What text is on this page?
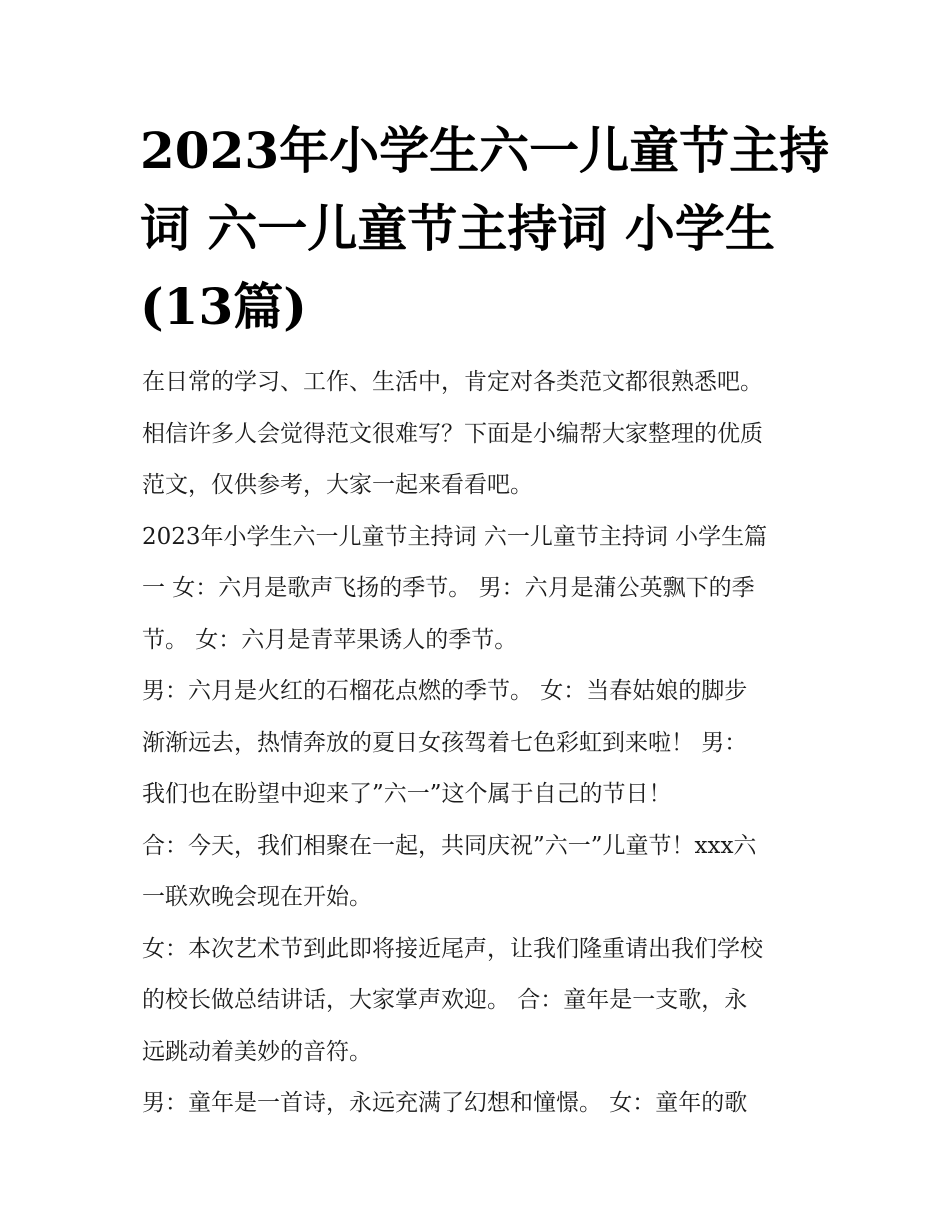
2023年小学生六一儿童节主持
词 六一儿童节主持词 小学生
(13篇)
在日常的学习、工作、生活中，肯定对各类范文都很熟悉吧。
相信许多人会觉得范文很难写？下面是小编帮大家整理的优质
范文，仅供参考，大家一起来看看吧。
2023年小学生六一儿童节主持词 六一儿童节主持词 小学生篇
一 女：六月是歌声飞扬的季节。 男：六月是蒲公英飘下的季
节。 女：六月是青苹果诱人的季节。
男：六月是火红的石榴花点燃的季节。 女：当春姑娘的脚步
渐渐远去，热情奔放的夏日女孩驾着七色彩虹到来啦！ 男：
我们也在盼望中迎来了”六一”这个属于自己的节日！
合：今天，我们相聚在一起，共同庆祝”六一”儿童节！xxx六
一联欢晚会现在开始。
女：本次艺术节到此即将接近尾声，让我们隆重请出我们学校
的校长做总结讲话，大家掌声欢迎。 合：童年是一支歌，永
远跳动着美妙的音符。
男：童年是一首诗，永远充满了幻想和憧憬。 女：童年的歌
